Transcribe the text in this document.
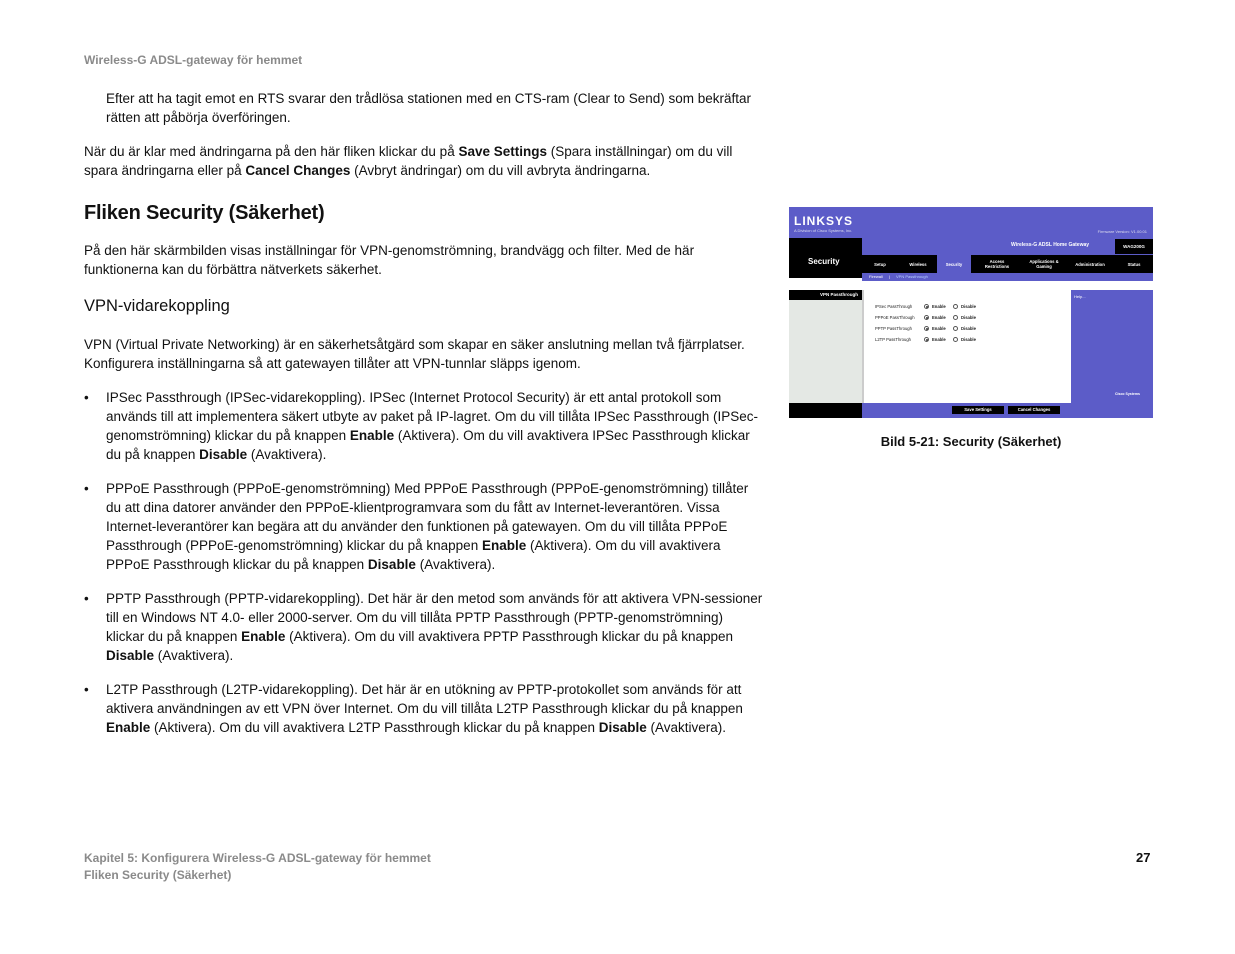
Wireless-G ADSL-gateway för hemmet

Efter att ha tagit emot en RTS svarar den trådlösa stationen med en CTS-ram (Clear to Send) som bekräftar rätten att påbörja överföringen.

När du är klar med ändringarna på den här fliken klickar du på Save Settings (Spara inställningar) om du vill spara ändringarna eller på Cancel Changes (Avbryt ändringar) om du vill avbryta ändringarna.

Fliken Security (Säkerhet)

På den här skärmbilden visas inställningar för VPN-genomströmning, brandvägg och filter. Med de här funktionerna kan du förbättra nätverkets säkerhet.

VPN-vidarekoppling

VPN (Virtual Private Networking) är en säkerhetsåtgärd som skapar en säker anslutning mellan två fjärrplatser. Konfigurera inställningarna så att gatewayen tillåter att VPN-tunnlar släpps igenom.

• IPSec Passthrough (IPSec-vidarekoppling). IPSec (Internet Protocol Security) är ett antal protokoll som används till att implementera säkert utbyte av paket på IP-lagret. Om du vill tillåta IPSec Passthrough (IPSec-genomströmning) klickar du på knappen Enable (Aktivera). Om du vill avaktivera IPSec Passthrough klickar du på knappen Disable (Avaktivera).
• PPPoE Passthrough (PPPoE-genomströmning) Med PPPoE Passthrough (PPPoE-genomströmning) tillåter du att dina datorer använder den PPPoE-klientprogramvara som du fått av Internet-leverantören. Vissa Internet-leverantörer kan begära att du använder den funktionen på gatewayen. Om du vill tillåta PPPoE Passthrough (PPPoE-genomströmning) klickar du på knappen Enable (Aktivera). Om du vill avaktivera PPPoE Passthrough klickar du på knappen Disable (Avaktivera).
• PPTP Passthrough (PPTP-vidarekoppling). Det här är den metod som används för att aktivera VPN-sessioner till en Windows NT 4.0- eller 2000-server. Om du vill tillåta PPTP Passthrough (PPTP-genomströmning) klickar du på knappen Enable (Aktivera). Om du vill avaktivera PPTP Passthrough klickar du på knappen Disable (Avaktivera).
• L2TP Passthrough (L2TP-vidarekoppling). Det här är en utökning av PPTP-protokollet som används för att aktivera användningen av ett VPN över Internet. Om du vill tillåta L2TP Passthrough klickar du på knappen Enable (Aktivera). Om du vill avaktivera L2TP Passthrough klickar du på knappen Disable (Avaktivera).
LINKSYS
A Division of Cisco Systems, Inc.	Firmware Version: V1.00.01
Security
Wireless-G ADSL Home Gateway	WAG200G
Setup	Wireless	Security	Access Restrictions
Applications & Gaming	Administration	Status
Firewall | VPN Passthrough
VPN Passthrough	Help...
IPSec PassThrough	Enable	Disable
PPPoE PassThrough	Enable	Disable
PPTP PassThrough	Enable	Disable
L2TP PassThrough	Enable	Disable
Cisco Systems
Save Settings	Cancel Changes
Bild 5-21: Security (Säkerhet)
Kapitel 5: Konfigurera Wireless-G ADSL-gateway för hemmet
Fliken Security (Säkerhet)
27
